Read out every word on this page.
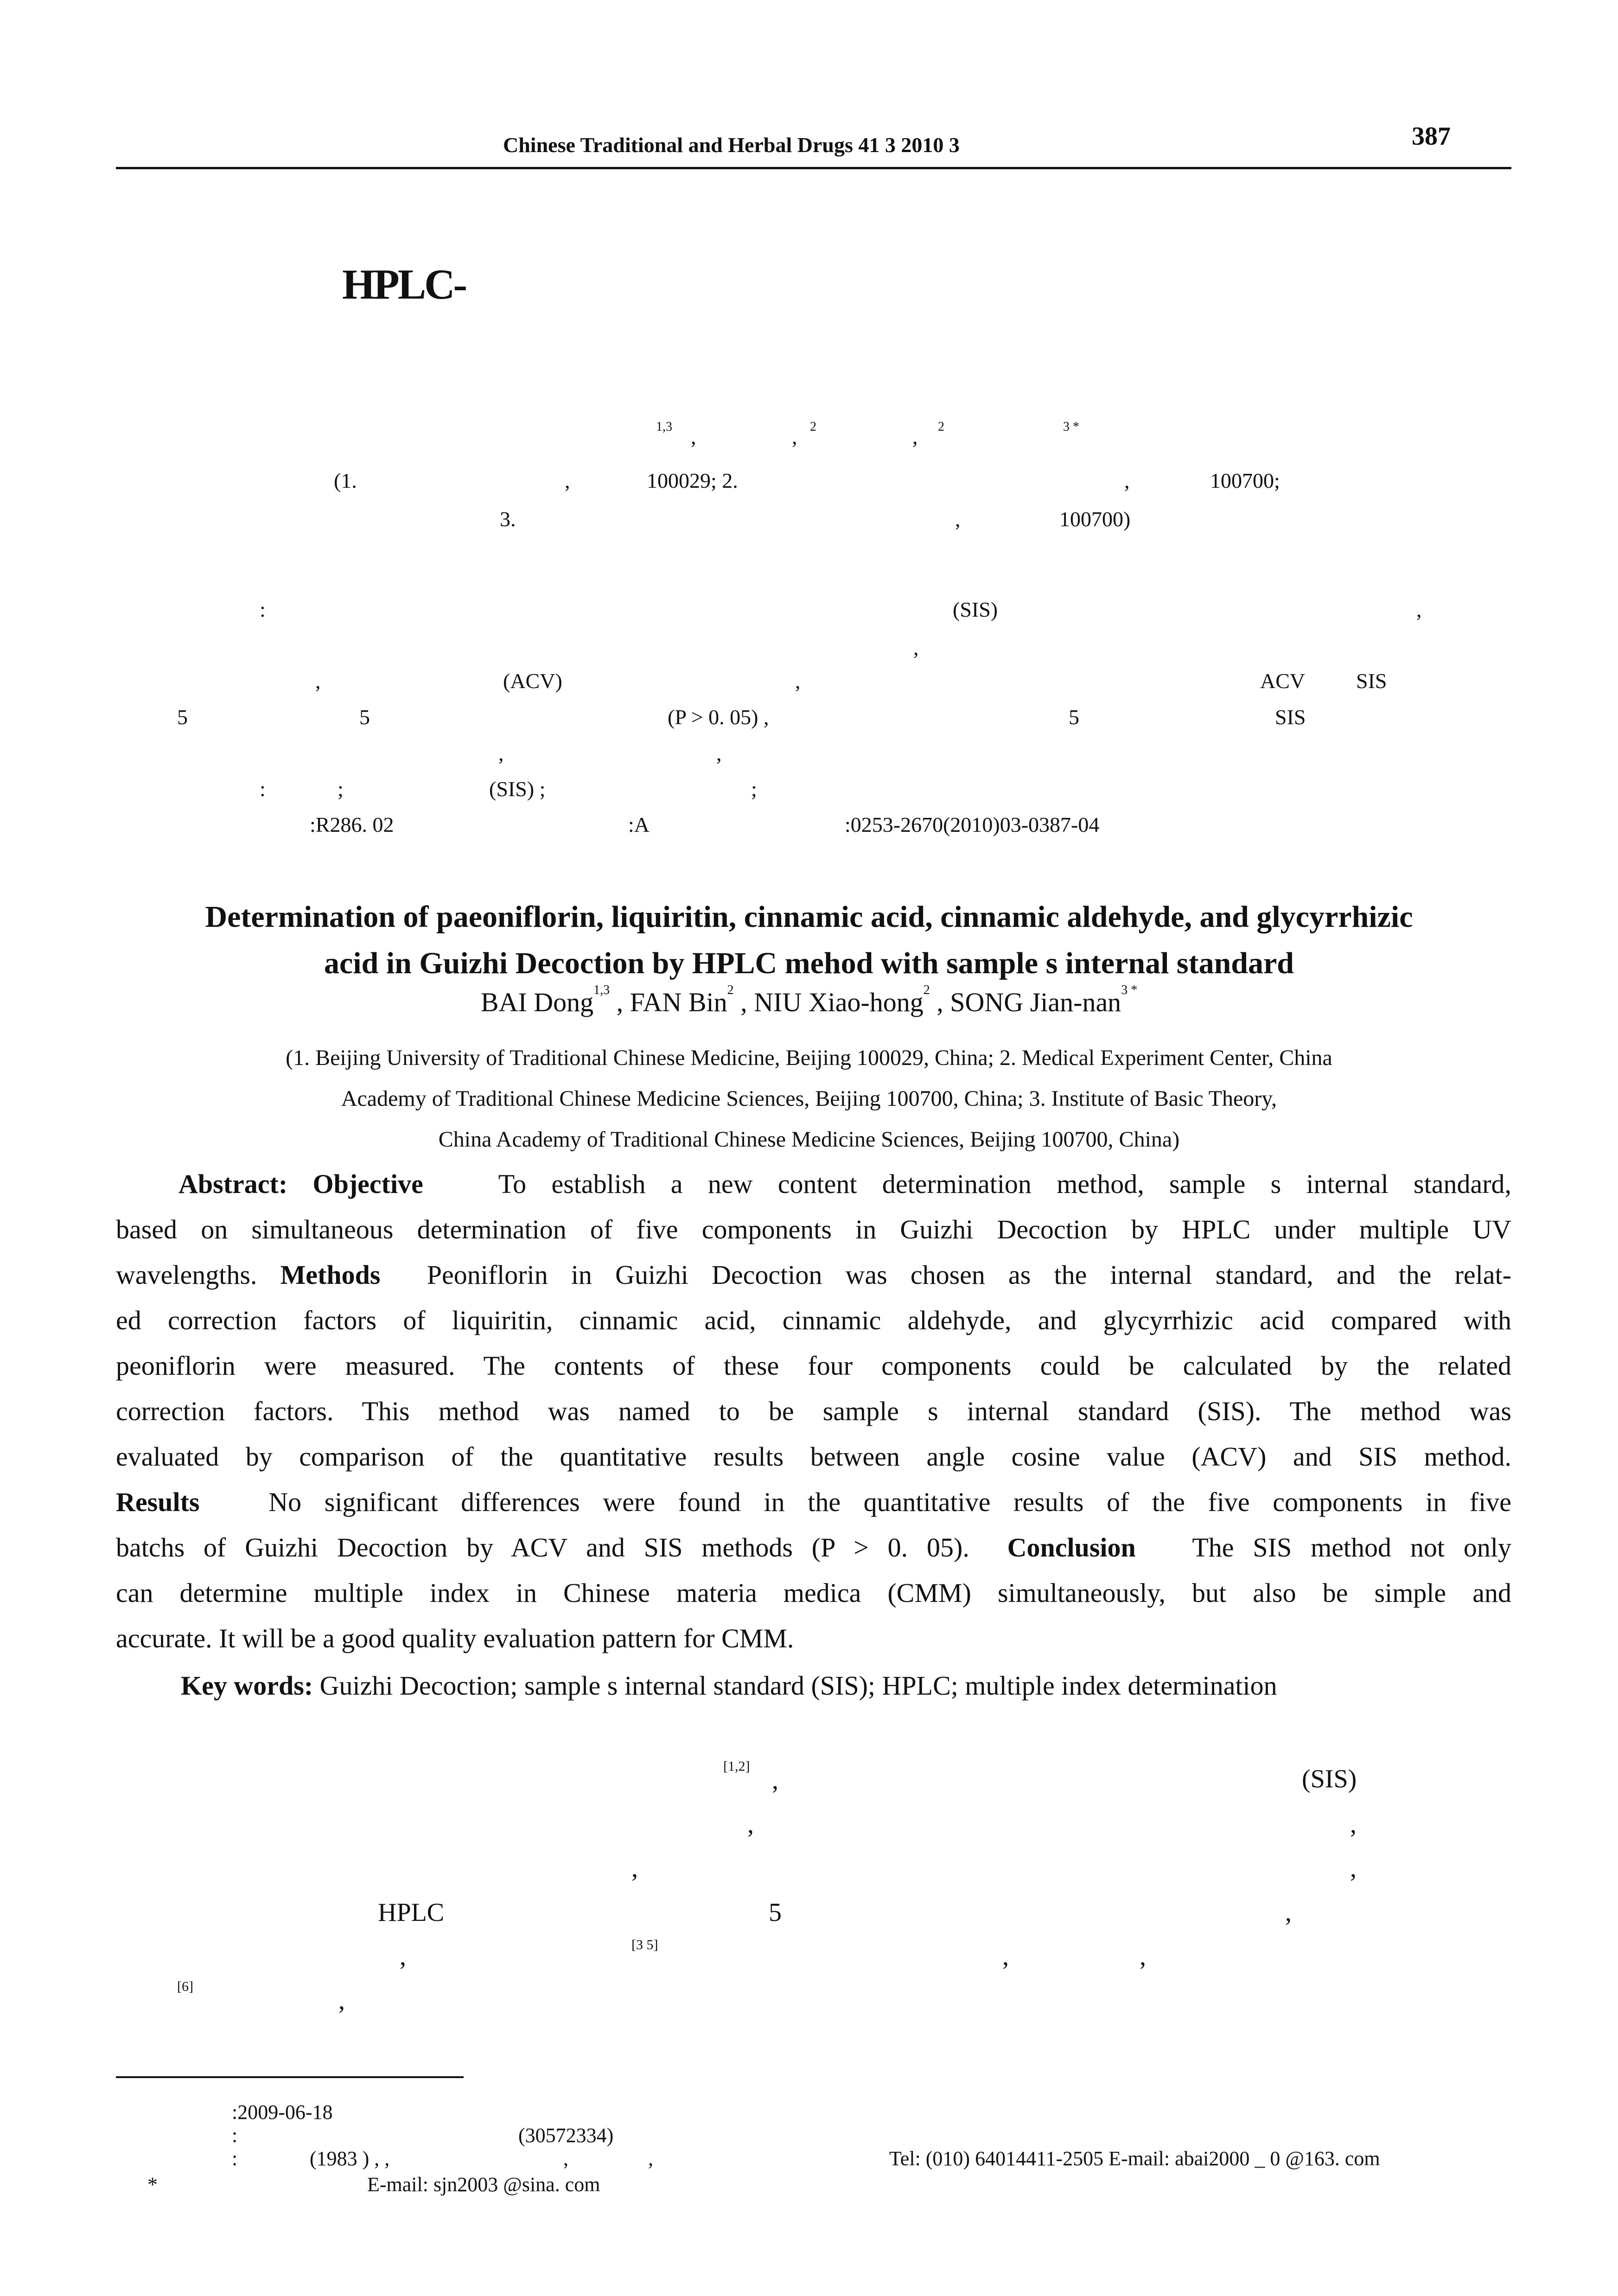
Chinese Traditional and Herbal Drugs 41 3 2010 3	387
HPLC-
1,3 ,	2
,	2
,	3 *
(1.	,	100029; 2.	,	100700;
3.	,	100700)
:	(SIS)	,
,
,	(ACV)	,	ACV SIS
5	5	(P > 0. 05) ,	5	SIS
,	,
:	;	(SIS) ;	;
:R286. 02	:A	:0253-2670(2010)03-0387-04
Determination of paeoniflorin, liquiritin, cinnamic acid, cinnamic aldehyde, and glycyrrhizic
acid in Guizhi Decoction by HPLC mehod with sample s internal standard
BAI Dong$^{1,3}$ , FAN Bin$^2$ , NIU Xiao-hong$^2$ , SONG Jian-nan$^{3 *}$
(1. Beijing University of Traditional Chinese Medicine, Beijing 100029, China; 2. Medical Experiment Center, China
Academy of Traditional Chinese Medicine Sciences, Beijing 100700, China; 3. Institute of Basic Theory,
China Academy of Traditional Chinese Medicine Sciences, Beijing 100700, China)
Abstract: Objective	To establish a new content determination method, sample s internal standard,
based on simultaneous determination of five components in Guizhi Decoction by HPLC under multiple UV
wavelengths. Methods Peoniflorin in Guizhi Decoction was chosen as the internal standard, and the relat-
ed correction factors of liquiritin, cinnamic acid, cinnamic aldehyde, and glycyrrhizic acid compared with
peoniflorin were measured. The contents of these four components could be calculated by the related
correction factors. This method was named to be sample s internal standard (SIS). The method was
evaluated by comparison of the quantitative results between angle cosine value (ACV) and SIS method.
Results	No significant differences were found in the quantitative results of the five components in five
batchs of Guizhi Decoction by ACV and SIS methods (P > 0. 05). Conclusion The SIS method not only
can determine multiple index in Chinese materia medica (CMM) simultaneously, but also be simple and
accurate. It will be a good quality evaluation pattern for CMM.
Key words: Guizhi Decoction; sample s internal standard (SIS); HPLC; multiple index determination
[1,2] ,	(SIS)
,	,
,	,
HPLC	5	,
,	[3 5]	,	,
[6]	,
:2009-06-18
:	(30572334)
:	(1983 ) , ,	,	,	Tel: (010) 64014411-2505 E-mail: abai2000 _ 0 @163. com
*	E-mail: sjn2003 @sina. com
